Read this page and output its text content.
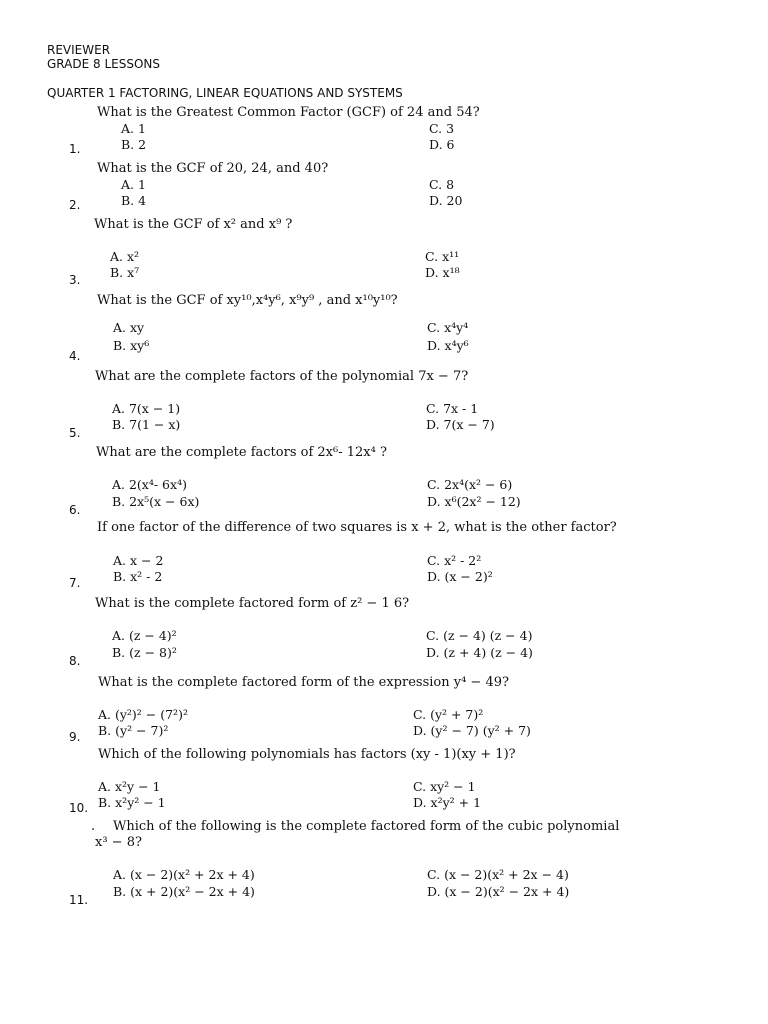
REVIEWER
GRADE 8 LESSONS
QUARTER 1 FACTORING, LINEAR EQUATIONS AND SYSTEMS
What is the Greatest Common Factor (GCF) of 24 and 54?
A. 1
B. 2
C. 3
D. 6
1.
What is the GCF of 20, 24, and 40?
A. 1
B. 4
C. 8
D. 20
2.
What is the GCF of x² and x⁹ ?
A. x²
B. x⁷
C. x¹¹
D. x¹⁸
3.
What is the GCF of xy¹⁰,x⁴y⁶, x⁹y⁹ , and x¹⁰y¹⁰?
A. xy
B. xy⁶
C. x⁴y⁴
D. x⁴y⁶
4.
What are the complete factors of the polynomial 7x − 7?
A. 7(x − 1)
B. 7(1 − x)
C. 7x - 1
D. 7(x − 7)
5.
What are the complete factors of 2x⁶- 12x⁴ ?
A. 2(x⁴- 6x⁴)
B. 2x⁵(x − 6x)
C. 2x⁴(x² − 6)
D. x⁶(2x² − 12)
6.
If one factor of the difference of two squares is x + 2, what is the other factor?
A. x − 2
B. x² - 2
C. x² - 2²
D. (x − 2)²
7.
What is the complete factored form of z² − 1 6?
A. (z − 4)²
B. (z − 8)²
C. (z − 4) (z − 4)
D. (z + 4) (z − 4)
8.
What is the complete factored form of the expression y⁴ − 49?
A. (y²)² − (7²)²
B. (y² − 7)²
C. (y² + 7)²
D. (y² − 7) (y² + 7)
9.
Which of the following polynomials has factors (xy - 1)(xy + 1)?
A. x²y − 1
B. x²y² − 1
C. xy² − 1
D. x²y² + 1
10.
. Which of the following is the complete factored form of the cubic polynomial
x³ − 8?
A. (x − 2)(x² + 2x + 4)
B. (x + 2)(x² − 2x + 4)
C. (x − 2)(x² + 2x − 4)
D. (x − 2)(x² − 2x + 4)
11.
